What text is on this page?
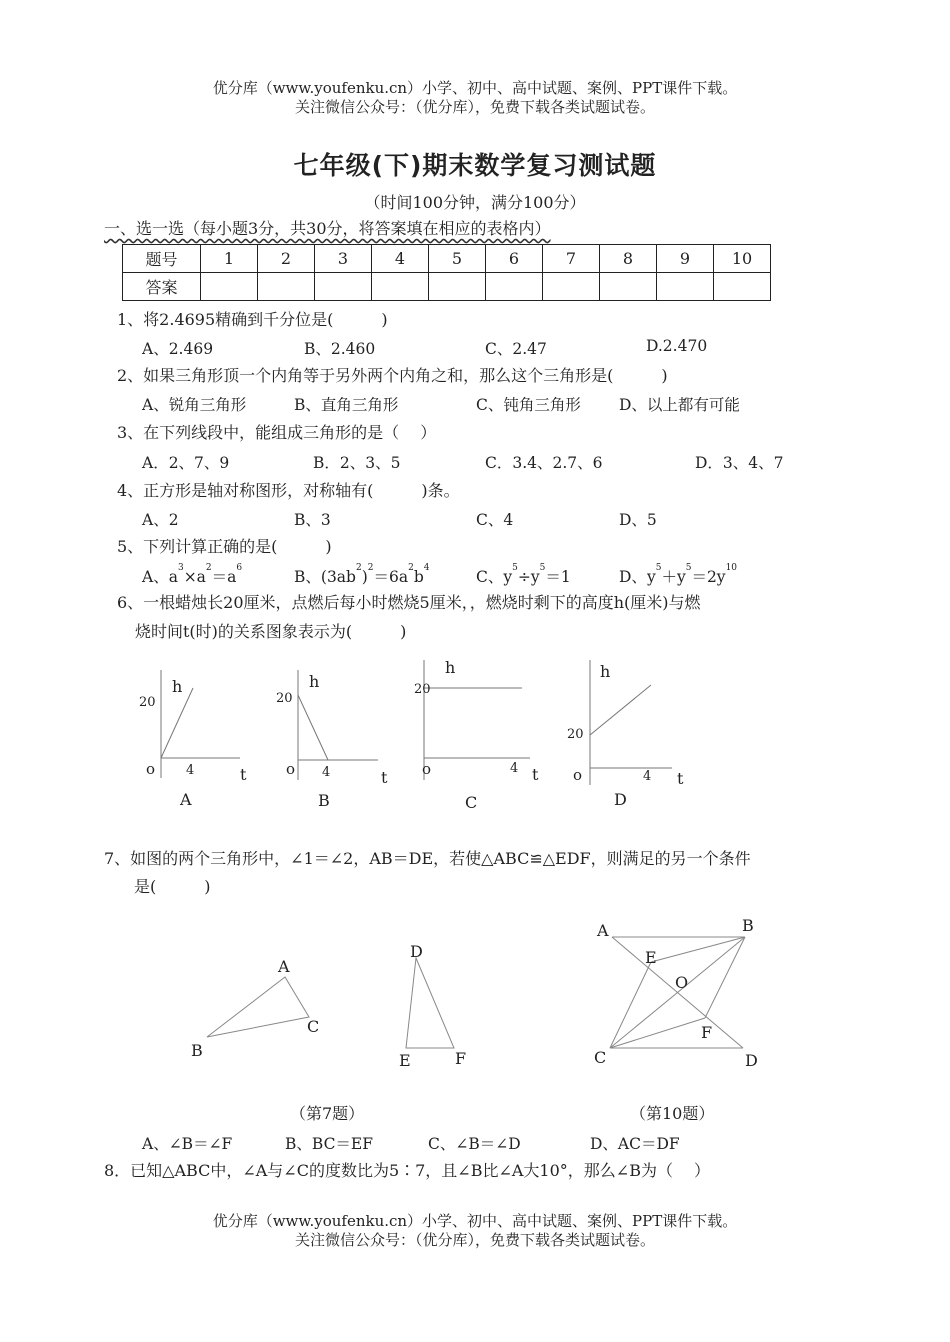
优分库（www.youfenku.cn）小学、初中、高中试题、案例、PPT课件下载。
关注微信公众号：（优分库），免费下载各类试题试卷。
七年级(下)期末数学复习测试题
（时间100分钟，满分100分）
一、选一选（每小题3分，共30分，将答案填在相应的表格内）
题号	1	2	3	4	5	6	7	8	9	10
答案										
1、将2.4695精确到千分位是(　　　)
A、2.469	B、2.460	C、2.47	D.2.470
2、如果三角形顶一个内角等于另外两个内角之和，那么这个三角形是(　　　)
A、锐角三角形	B、直角三角形	C、钝角三角形 D、以上都有可能
3、在下列线段中，能组成三角形的是（　 ）
A．2、7、9	B．2、3、5	C．3.4、2.7、6	D．3、4、7
4、正方形是轴对称图形，对称轴有(　　　)条。
A、2	B、3	C、4	D、5
5、下列计算正确的是(　　　)
A、$a^3\times a^2=a^6$	B、$(3ab^2)^2=6a^2b^4$	C、$y^5\div y^5=1$	D、$y^5+y^5=2y^{10}$
6、一根蜡烛长20厘米，点燃后每小时燃烧5厘米，，燃烧时剩下的高度h(厘米)与燃
烧时间t(时)的关系图象表示为(　　　)
20
h
o 4	t
A
20
h
o 4	t
B
20
h
o	4 t
C
20
h
o	4 t
D
7、如图的两个三角形中，∠1＝∠2，AB＝DE，若使△ABC≌△EDF，则满足的另一个条件
是(　　　)
A
B
C
D
E	F
A	B
E
O
F
C	D
（第7题）	（第10题）
A、∠B＝∠F	B、BC＝EF	C、∠B＝∠D	D、AC＝DF
8．已知△ABC中，∠A与∠C的度数比为5∶7，且∠B比∠A大10°，那么∠B为（　 ）
优分库（www.youfenku.cn）小学、初中、高中试题、案例、PPT课件下载。
关注微信公众号：（优分库），免费下载各类试题试卷。
